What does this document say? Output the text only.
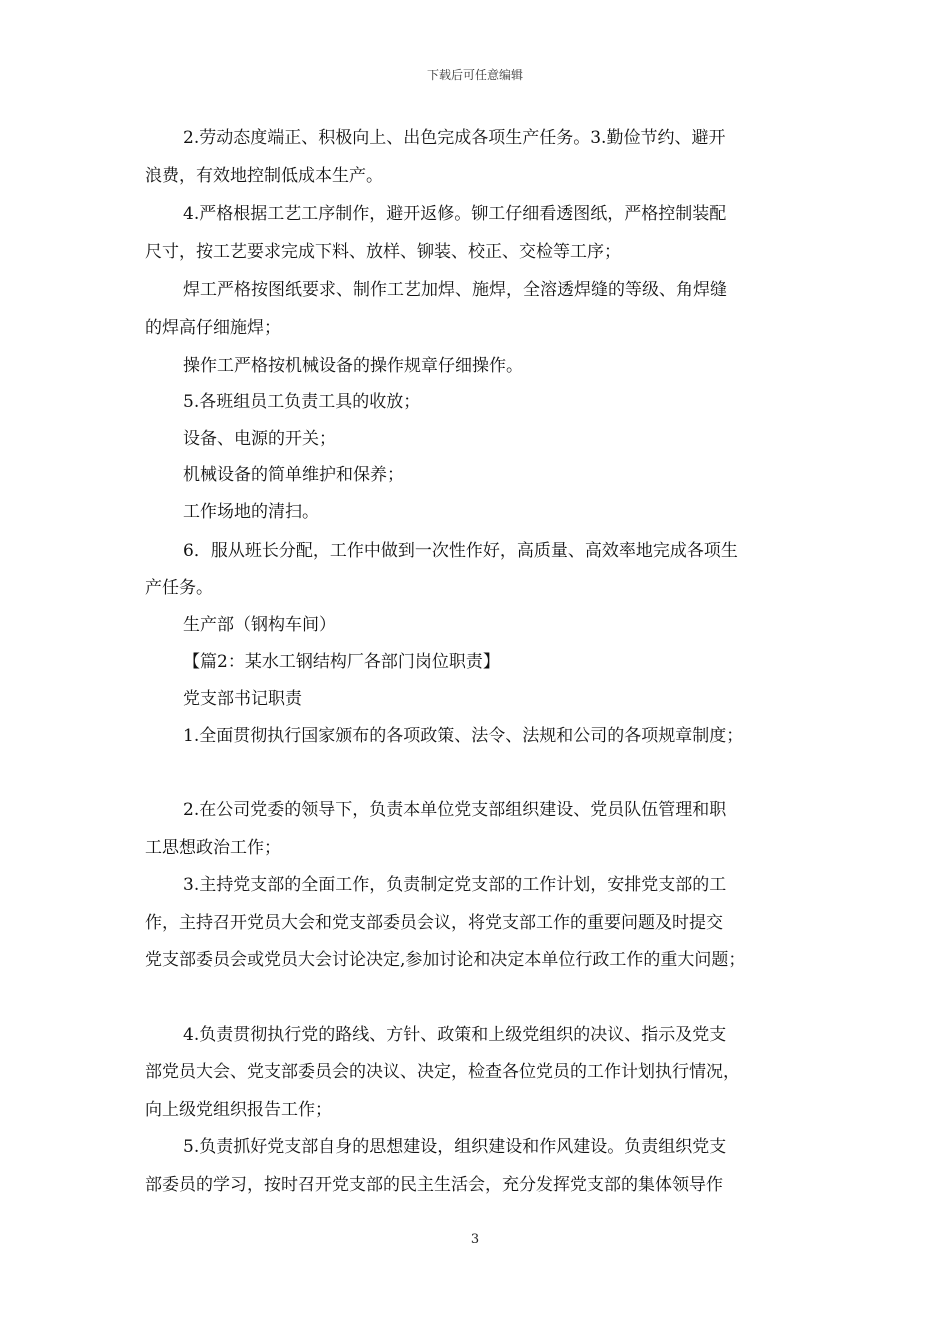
下载后可任意编辑

2.劳动态度端正、积极向上、出色完成各项生产任务。3.勤俭节约、避开

浪费，有效地控制低成本生产。

4.严格根据工艺工序制作，避开返修。铆工仔细看透图纸，严格控制装配

尺寸，按工艺要求完成下料、放样、铆装、校正、交检等工序；

焊工严格按图纸要求、制作工艺加焊、施焊，全溶透焊缝的等级、角焊缝

的焊高仔细施焊；

操作工严格按机械设备的操作规章仔细操作。

5.各班组员工负责工具的收放；

设备、电源的开关；

机械设备的简单维护和保养；

工作场地的清扫。

6．服从班长分配，工作中做到一次性作好，高质量、高效率地完成各项生

产任务。

生产部（钢构车间）

【篇2：某水工钢结构厂各部门岗位职责】

党支部书记职责

1.全面贯彻执行国家颁布的各项政策、法令、法规和公司的各项规章制度；

2.在公司党委的领导下，负责本单位党支部组织建设、党员队伍管理和职

工思想政治工作；

3.主持党支部的全面工作，负责制定党支部的工作计划，安排党支部的工

作，主持召开党员大会和党支部委员会议，将党支部工作的重要问题及时提交

党支部委员会或党员大会讨论决定,参加讨论和决定本单位行政工作的重大问题；

4.负责贯彻执行党的路线、方针、政策和上级党组织的决议、指示及党支

部党员大会、党支部委员会的决议、决定，检查各位党员的工作计划执行情况，

向上级党组织报告工作；

5.负责抓好党支部自身的思想建设，组织建设和作风建设。负责组织党支

部委员的学习，按时召开党支部的民主生活会，充分发挥党支部的集体领导作

3
